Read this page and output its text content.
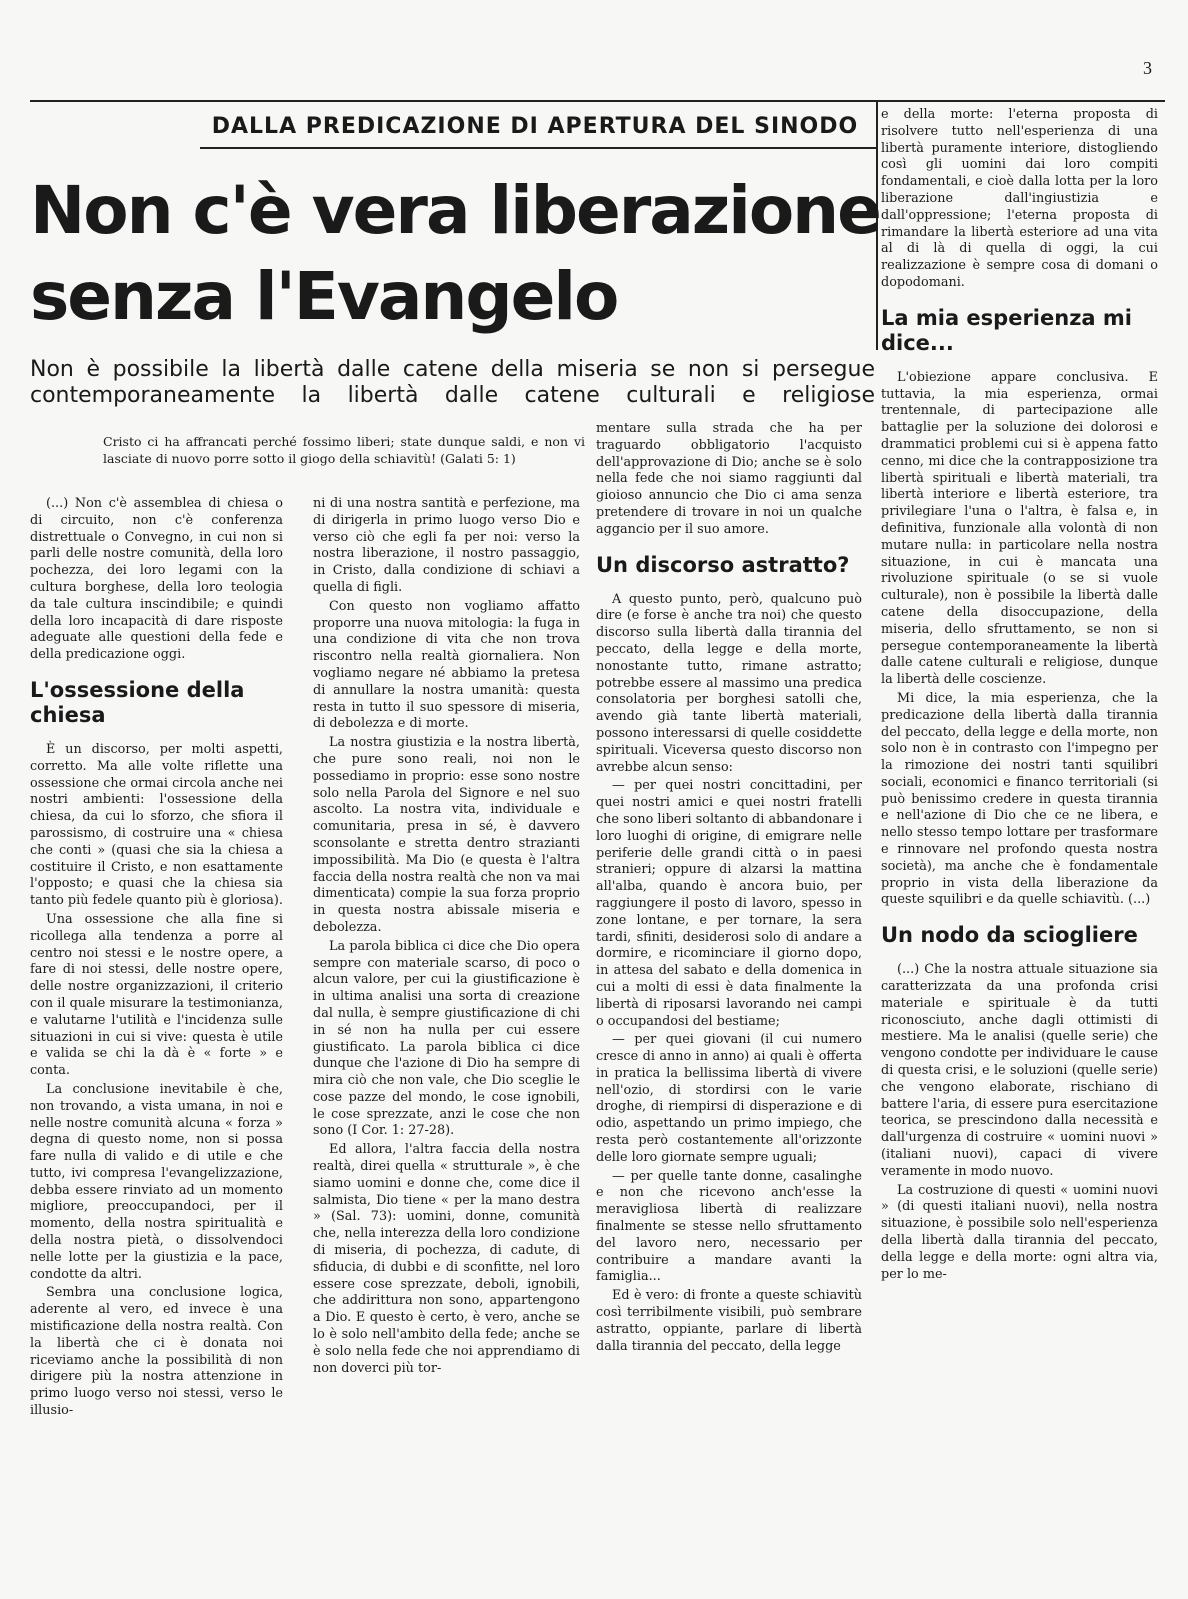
3
DALLA PREDICAZIONE DI APERTURA DEL SINODO
Non c'è vera liberazione
senza l'Evangelo
Non è possibile la libertà dalle catene della miseria se non si persegue contemporaneamente la libertà dalle catene culturali e religiose
Cristo ci ha affrancati perché fossimo liberi; state dunque saldi, e non vi lasciate di nuovo porre sotto il giogo della schiavitù! (Galati 5: 1)

(...) Non c'è assemblea di chiesa o di circuito, non c'è conferenza distrettuale o Convegno, in cui non si parli delle nostre comunità, della loro pochezza, dei loro legami con la cultura borghese, della loro teologia da tale cultura inscindibile; e quindi della loro incapacità di dare risposte adeguate alle questioni della fede e della predicazione oggi.

L'ossessione della chiesa

È un discorso, per molti aspetti, corretto. Ma alle volte riflette una ossessione che ormai circola anche nei nostri ambienti: l'ossessione della chiesa, da cui lo sforzo, che sfiora il parossismo, di costruire una « chiesa che conti » (quasi che sia la chiesa a costituire il Cristo, e non esattamente l'opposto; e quasi che la chiesa sia tanto più fedele quanto più è gloriosa).

Una ossessione che alla fine si ricollega alla tendenza a porre al centro noi stessi e le nostre opere, a fare di noi stessi, delle nostre opere, delle nostre organizzazioni, il criterio con il quale misurare la testimonianza, e valutarne l'utilità e l'incidenza sulle situazioni in cui si vive: questa è utile e valida se chi la dà è « forte » e conta.

La conclusione inevitabile è che, non trovando, a vista umana, in noi e nelle nostre comunità alcuna « forza » degna di questo nome, non si possa fare nulla di valido e di utile e che tutto, ivi compresa l'evangelizzazione, debba essere rinviato ad un momento migliore, preoccupandoci, per il momento, della nostra spiritualità e della nostra pietà, o dissolvendoci nelle lotte per la giustizia e la pace, condotte da altri.

Sembra una conclusione logica, aderente al vero, ed invece è una mistificazione della nostra realtà. Con la libertà che ci è donata noi riceviamo anche la possibilità di non dirigere più la nostra attenzione in primo luogo verso noi stessi, verso le illusio-

ni di una nostra santità e perfezione, ma di dirigerla in primo luogo verso Dio e verso ciò che egli fa per noi: verso la nostra liberazione, il nostro passaggio, in Cristo, dalla condizione di schiavi a quella di figli.

Con questo non vogliamo affatto proporre una nuova mitologia: la fuga in una condizione di vita che non trova riscontro nella realtà giornaliera. Non vogliamo negare né abbiamo la pretesa di annullare la nostra umanità: questa resta in tutto il suo spessore di miseria, di debolezza e di morte.

La nostra giustizia e la nostra libertà, che pure sono reali, noi non le possediamo in proprio: esse sono nostre solo nella Parola del Signore e nel suo ascolto. La nostra vita, individuale e comunitaria, presa in sé, è davvero sconsolante e stretta dentro strazianti impossibilità. Ma Dio (e questa è l'altra faccia della nostra realtà che non va mai dimenticata) compie la sua forza proprio in questa nostra abissale miseria e debolezza.

La parola biblica ci dice che Dio opera sempre con materiale scarso, di poco o alcun valore, per cui la giustificazione è in ultima analisi una sorta di creazione dal nulla, è sempre giustificazione di chi in sé non ha nulla per cui essere giustificato. La parola biblica ci dice dunque che l'azione di Dio ha sempre di mira ciò che non vale, che Dio sceglie le cose pazze del mondo, le cose ignobili, le cose sprezzate, anzi le cose che non sono (I Cor. 1: 27-28).

Ed allora, l'altra faccia della nostra realtà, direi quella « strutturale », è che siamo uomini e donne che, come dice il salmista, Dio tiene « per la mano destra » (Sal. 73): uomini, donne, comunità che, nella interezza della loro condizione di miseria, di pochezza, di cadute, di sfiducia, di dubbi e di sconfitte, nel loro essere cose sprezzate, deboli, ignobili, che addirittura non sono, appartengono a Dio. E questo è certo, è vero, anche se lo è solo nell'ambito della fede; anche se è solo nella fede che noi apprendiamo di non doverci più tor-

mentare sulla strada che ha per traguardo obbligatorio l'acquisto dell'approvazione di Dio; anche se è solo nella fede che noi siamo raggiunti dal gioioso annuncio che Dio ci ama senza pretendere di trovare in noi un qualche aggancio per il suo amore.

Un discorso astratto?

A questo punto, però, qualcuno può dire (e forse è anche tra noi) che questo discorso sulla libertà dalla tirannia del peccato, della legge e della morte, nonostante tutto, rimane astratto; potrebbe essere al massimo una predica consolatoria per borghesi satolli che, avendo già tante libertà materiali, possono interessarsi di quelle cosiddette spirituali. Viceversa questo discorso non avrebbe alcun senso:

— per quei nostri concittadini, per quei nostri amici e quei nostri fratelli che sono liberi soltanto di abbandonare i loro luoghi di origine, di emigrare nelle periferie delle grandi città o in paesi stranieri; oppure di alzarsi la mattina all'alba, quando è ancora buio, per raggiungere il posto di lavoro, spesso in zone lontane, e per tornare, la sera tardi, sfiniti, desiderosi solo di andare a dormire, e ricominciare il giorno dopo, in attesa del sabato e della domenica in cui a molti di essi è data finalmente la libertà di riposarsi lavorando nei campi o occupandosi del bestiame;

— per quei giovani (il cui numero cresce di anno in anno) ai quali è offerta in pratica la bellissima libertà di vivere nell'ozio, di stordirsi con le varie droghe, di riempirsi di disperazione e di odio, aspettando un primo impiego, che resta però costantemente all'orizzonte delle loro giornate sempre uguali;

— per quelle tante donne, casalinghe e non che ricevono anch'esse la meravigliosa libertà di realizzare finalmente se stesse nello sfruttamento del lavoro nero, necessario per contribuire a mandare avanti la famiglia...

Ed è vero: di fronte a queste schiavitù così terribilmente visibili, può sembrare astratto, oppiante, parlare di libertà dalla tirannia del peccato, della legge

e della morte: l'eterna proposta di risolvere tutto nell'esperienza di una libertà puramente interiore, distogliendo così gli uomini dai loro compiti fondamentali, e cioè dalla lotta per la loro liberazione dall'ingiustizia e dall'oppressione; l'eterna proposta di rimandare la libertà esteriore ad una vita al di là di quella di oggi, la cui realizzazione è sempre cosa di domani o dopodomani.

La mia esperienza mi dice...

L'obiezione appare conclusiva. E tuttavia, la mia esperienza, ormai trentennale, di partecipazione alle battaglie per la soluzione dei dolorosi e drammatici problemi cui si è appena fatto cenno, mi dice che la contrapposizione tra libertà spirituali e libertà materiali, tra libertà interiore e libertà esteriore, tra privilegiare l'una o l'altra, è falsa e, in definitiva, funzionale alla volontà di non mutare nulla: in particolare nella nostra situazione, in cui è mancata una rivoluzione spirituale (o se si vuole culturale), non è possibile la libertà dalle catene della disoccupazione, della miseria, dello sfruttamento, se non si persegue contemporaneamente la libertà dalle catene culturali e religiose, dunque la libertà delle coscienze.

Mi dice, la mia esperienza, che la predicazione della libertà dalla tirannia del peccato, della legge e della morte, non solo non è in contrasto con l'impegno per la rimozione dei nostri tanti squilibri sociali, economici e financo territoriali (si può benissimo credere in questa tirannia e nell'azione di Dio che ce ne libera, e nello stesso tempo lottare per trasformare e rinnovare nel profondo questa nostra società), ma anche che è fondamentale proprio in vista della liberazione da queste squilibri e da quelle schiavitù. (...)

Un nodo da sciogliere

(...) Che la nostra attuale situazione sia caratterizzata da una profonda crisi materiale e spirituale è da tutti riconosciuto, anche dagli ottimisti di mestiere. Ma le analisi (quelle serie) che vengono condotte per individuare le cause di questa crisi, e le soluzioni (quelle serie) che vengono elaborate, rischiano di battere l'aria, di essere pura esercitazione teorica, se prescindono dalla necessità e dall'urgenza di costruire « uomini nuovi » (italiani nuovi), capaci di vivere veramente in modo nuovo.

La costruzione di questi « uomini nuovi » (di questi italiani nuovi), nella nostra situazione, è possibile solo nell'esperienza della libertà dalla tirannia del peccato, della legge e della morte: ogni altra via, per lo me-
